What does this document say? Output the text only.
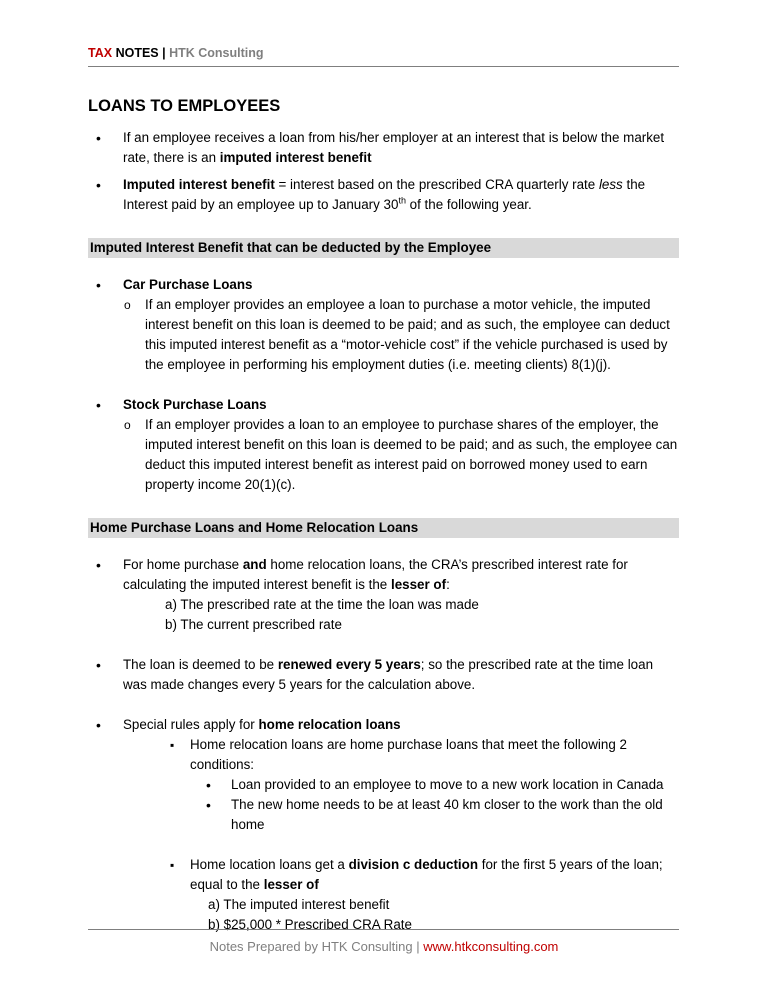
TAX NOTES | HTK Consulting
LOANS TO EMPLOYEES
• If an employee receives a loan from his/her employer at an interest that is below the market rate, there is an imputed interest benefit
• Imputed interest benefit = interest based on the prescribed CRA quarterly rate less the Interest paid by an employee up to January 30th of the following year.
Imputed Interest Benefit that can be deducted by the Employee
• Car Purchase Loans
o If an employer provides an employee a loan to purchase a motor vehicle, the imputed interest benefit on this loan is deemed to be paid; and as such, the employee can deduct this imputed interest benefit as a “motor-vehicle cost” if the vehicle purchased is used by the employee in performing his employment duties (i.e. meeting clients) 8(1)(j).
• Stock Purchase Loans
o If an employer provides a loan to an employee to purchase shares of the employer, the imputed interest benefit on this loan is deemed to be paid; and as such, the employee can deduct this imputed interest benefit as interest paid on borrowed money used to earn property income 20(1)(c).
Home Purchase Loans and Home Relocation Loans
• For home purchase and home relocation loans, the CRA’s prescribed interest rate for calculating the imputed interest benefit is the lesser of:
a) The prescribed rate at the time the loan was made
b) The current prescribed rate
• The loan is deemed to be renewed every 5 years; so the prescribed rate at the time loan was made changes every 5 years for the calculation above.
• Special rules apply for home relocation loans
▪ Home relocation loans are home purchase loans that meet the following 2 conditions:
• Loan provided to an employee to move to a new work location in Canada
• The new home needs to be at least 40 km closer to the work than the old home
▪ Home location loans get a division c deduction for the first 5 years of the loan; equal to the lesser of
a) The imputed interest benefit
b) $25,000 * Prescribed CRA Rate
Notes Prepared by HTK Consulting | www.htkconsulting.com
